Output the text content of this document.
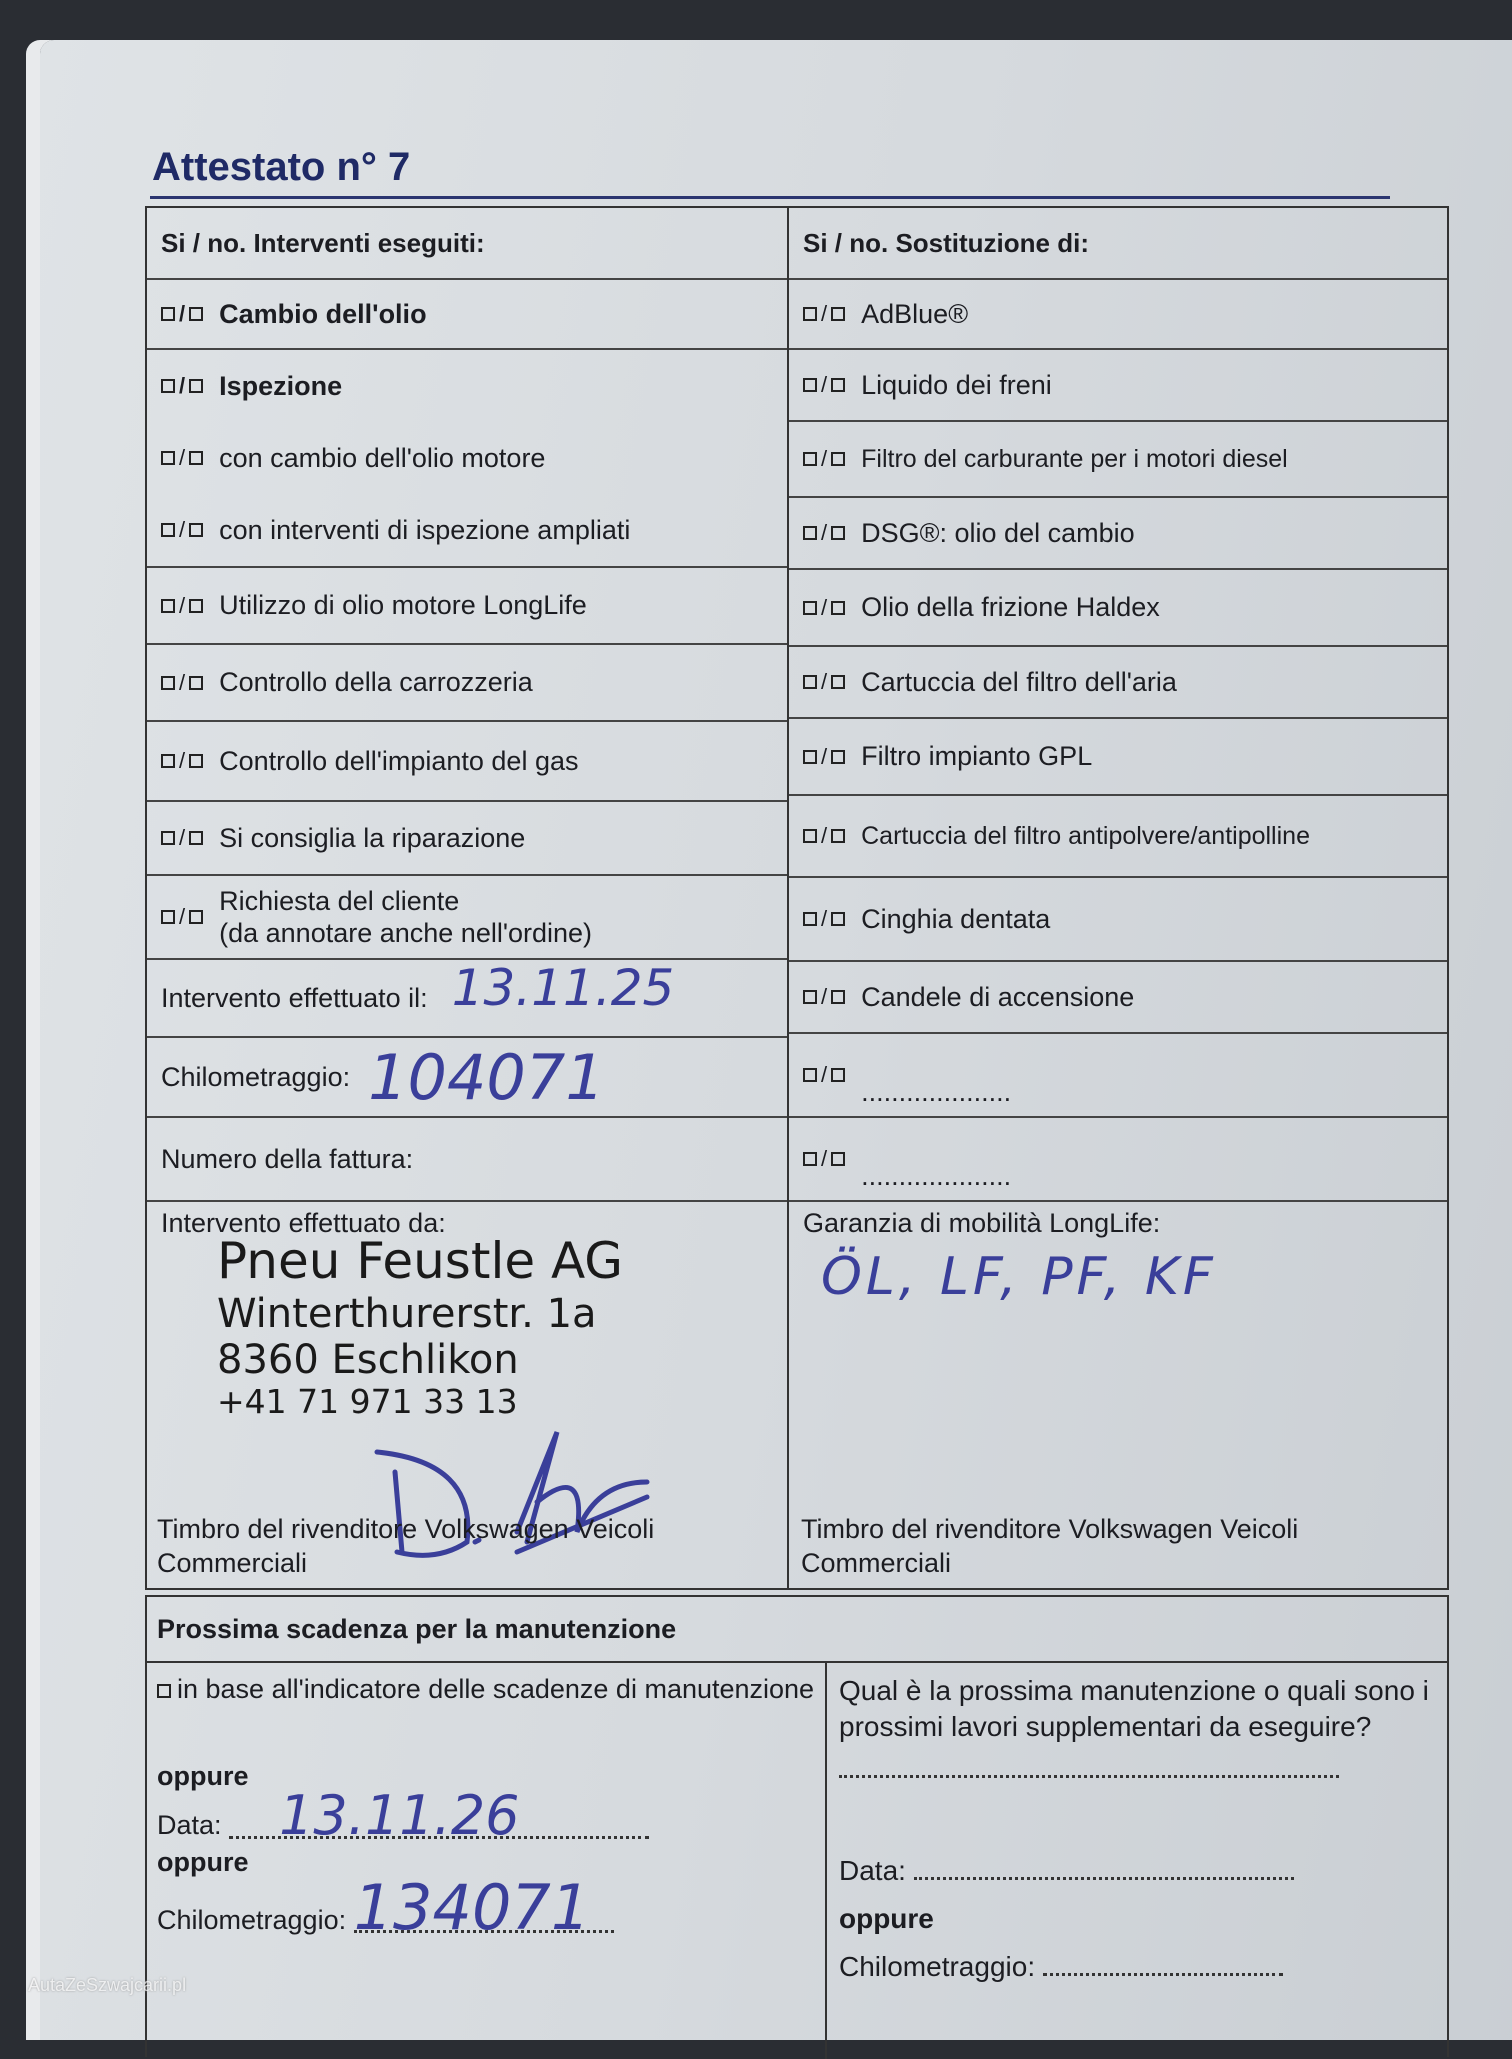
Attestato n° 7
Si / no. Interventi eseguiti:
/ Cambio dell'olio
/ Ispezione
/ con cambio dell'olio motore
/ con interventi di ispezione ampliati
/ Utilizzo di olio motore LongLife
/ Controllo della carrozzeria
/ Controllo dell'impianto del gas
/ Si consiglia la riparazione
/
Richiesta del cliente
(da annotare anche nell'ordine)
Intervento effettuato il: 13.11.25
Chilometraggio: 104071
Numero della fattura:
Intervento effettuato da:
Pneu Feustle AG
Winterthurerstr. 1a
8360 Eschlikon
+41 71 971 33 13
Timbro del rivenditore Volkswagen Veicoli Commerciali
Si / no. Sostituzione di:
/ AdBlue®
/ Liquido dei freni
/ Filtro del carburante per i motori diesel
/ DSG®: olio del cambio
/ Olio della frizione Haldex
/ Cartuccia del filtro dell'aria
/ Filtro impianto GPL
/ Cartuccia del filtro antipolvere/antipolline
/ Cinghia dentata
/ Candele di accensione
/
....................
/
....................
Garanzia di mobilità LongLife:
ÖL, LF, PF, KF
Timbro del rivenditore Volkswagen Veicoli Commerciali
Prossima scadenza per la manutenzione
in base all'indicatore delle scadenze di manutenzione
oppure
Data: 13.11.26
oppure
Chilometraggio: 134071
Qual è la prossima manutenzione o quali sono i prossimi lavori supplementari da eseguire?
Data:
oppure
Chilometraggio:
AutaZeSzwajcarii.pl
